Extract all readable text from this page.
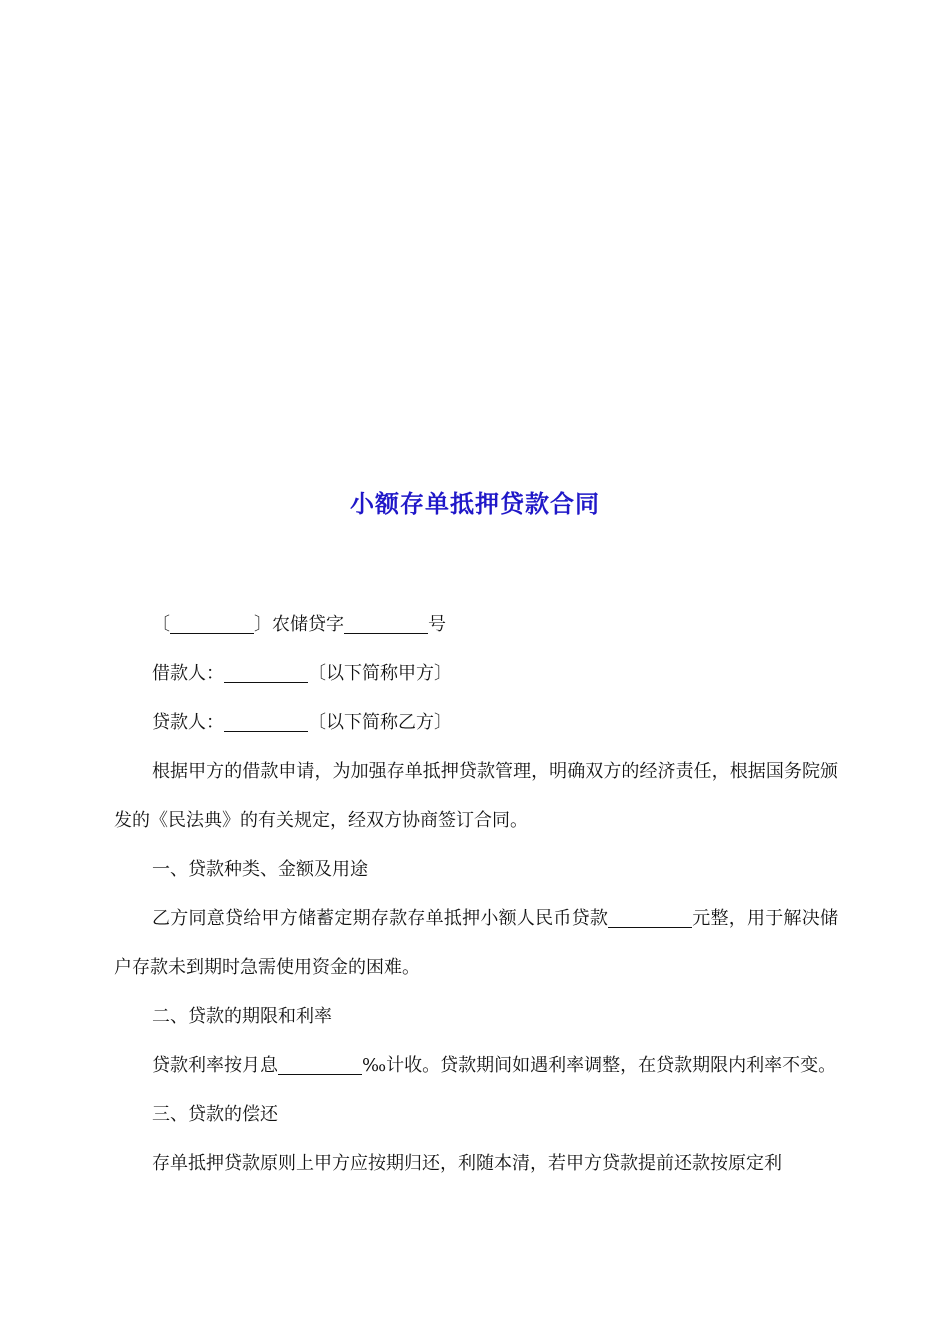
小额存单抵押贷款合同

〔	〕农储贷字	号

借款人：	〔以下简称甲方〕

贷款人：	〔以下简称乙方〕

根据甲方的借款申请，为加强存单抵押贷款管理，明确双方的经济责任，根据国务院颁发的《民法典》的有关规定，经双方协商签订合同。

一、贷款种类、金额及用途

乙方同意贷给甲方储蓄定期存款存单抵押小额人民币贷款	元整，用于解决储户存款未到期时急需使用资金的困难。

二、贷款的期限和利率

贷款利率按月息	‰计收。贷款期间如遇利率调整，在贷款期限内利率不变。

三、贷款的偿还

存单抵押贷款原则上甲方应按期归还，利随本清，若甲方贷款提前还款按原定利
